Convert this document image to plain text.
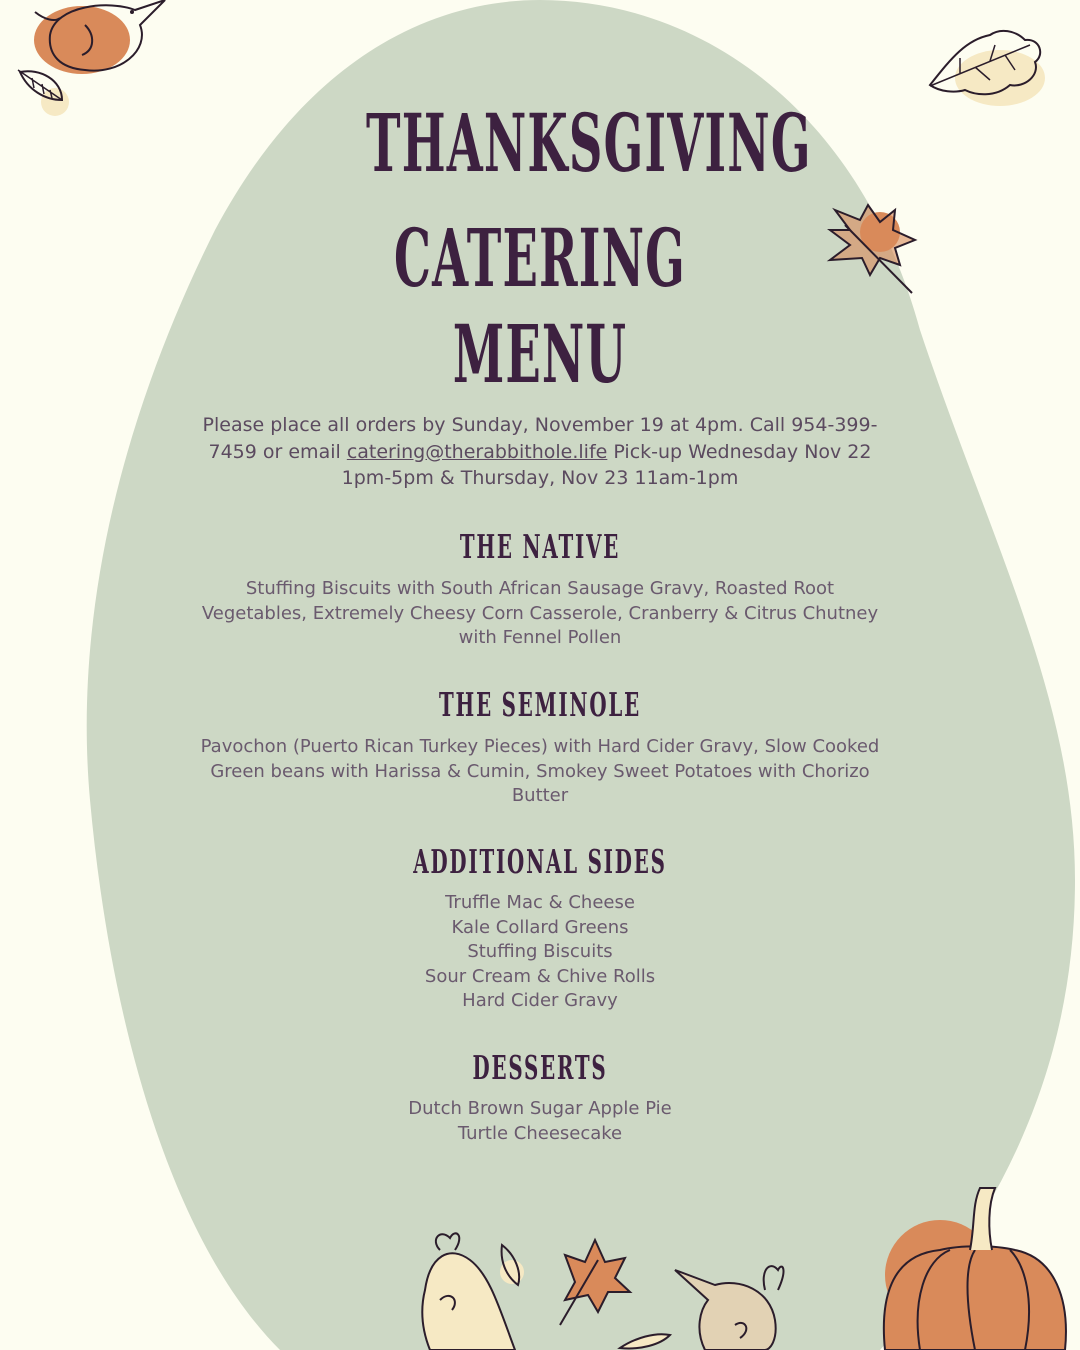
THANKSGIVING
CATERING MENU
Please place all orders by Sunday, November 19 at 4pm. Call 954-399-7459 or email catering@therabbithole.life Pick-up Wednesday Nov 22 1pm-5pm & Thursday, Nov 23 11am-1pm
THE NATIVE
Stuffing Biscuits with South African Sausage Gravy, Roasted Root Vegetables, Extremely Cheesy Corn Casserole, Cranberry & Citrus Chutney with Fennel Pollen
THE SEMINOLE
Pavochon (Puerto Rican Turkey Pieces) with Hard Cider Gravy, Slow Cooked Green beans with Harissa & Cumin, Smokey Sweet Potatoes with Chorizo Butter
ADDITIONAL SIDES
Truffle Mac & Cheese
Kale Collard Greens
Stuffing Biscuits
Sour Cream & Chive Rolls
Hard Cider Gravy
DESSERTS
Dutch Brown Sugar Apple Pie
Turtle Cheesecake
